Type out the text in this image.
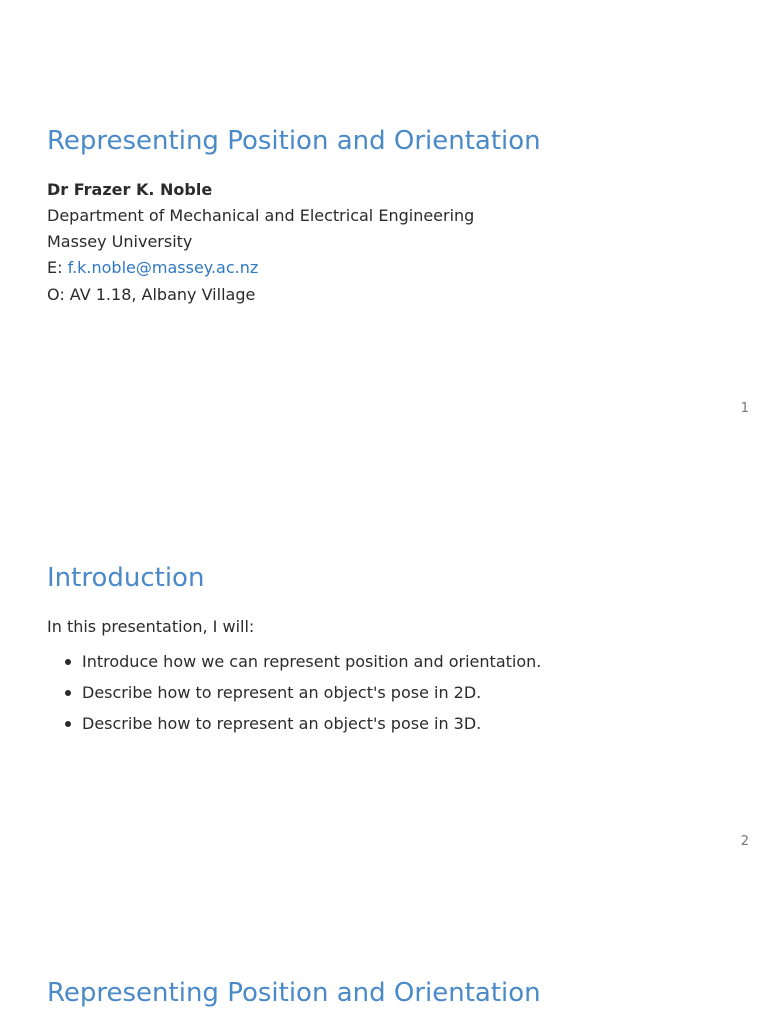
Representing Position and Orientation
Dr Frazer K. Noble
Department of Mechanical and Electrical Engineering
Massey University
E: f.k.noble@massey.ac.nz
O: AV 1.18, Albany Village
1
Introduction
In this presentation, I will:
Introduce how we can represent position and orientation.
Describe how to represent an object's pose in 2D.
Describe how to represent an object's pose in 3D.
2
Representing Position and Orientation
